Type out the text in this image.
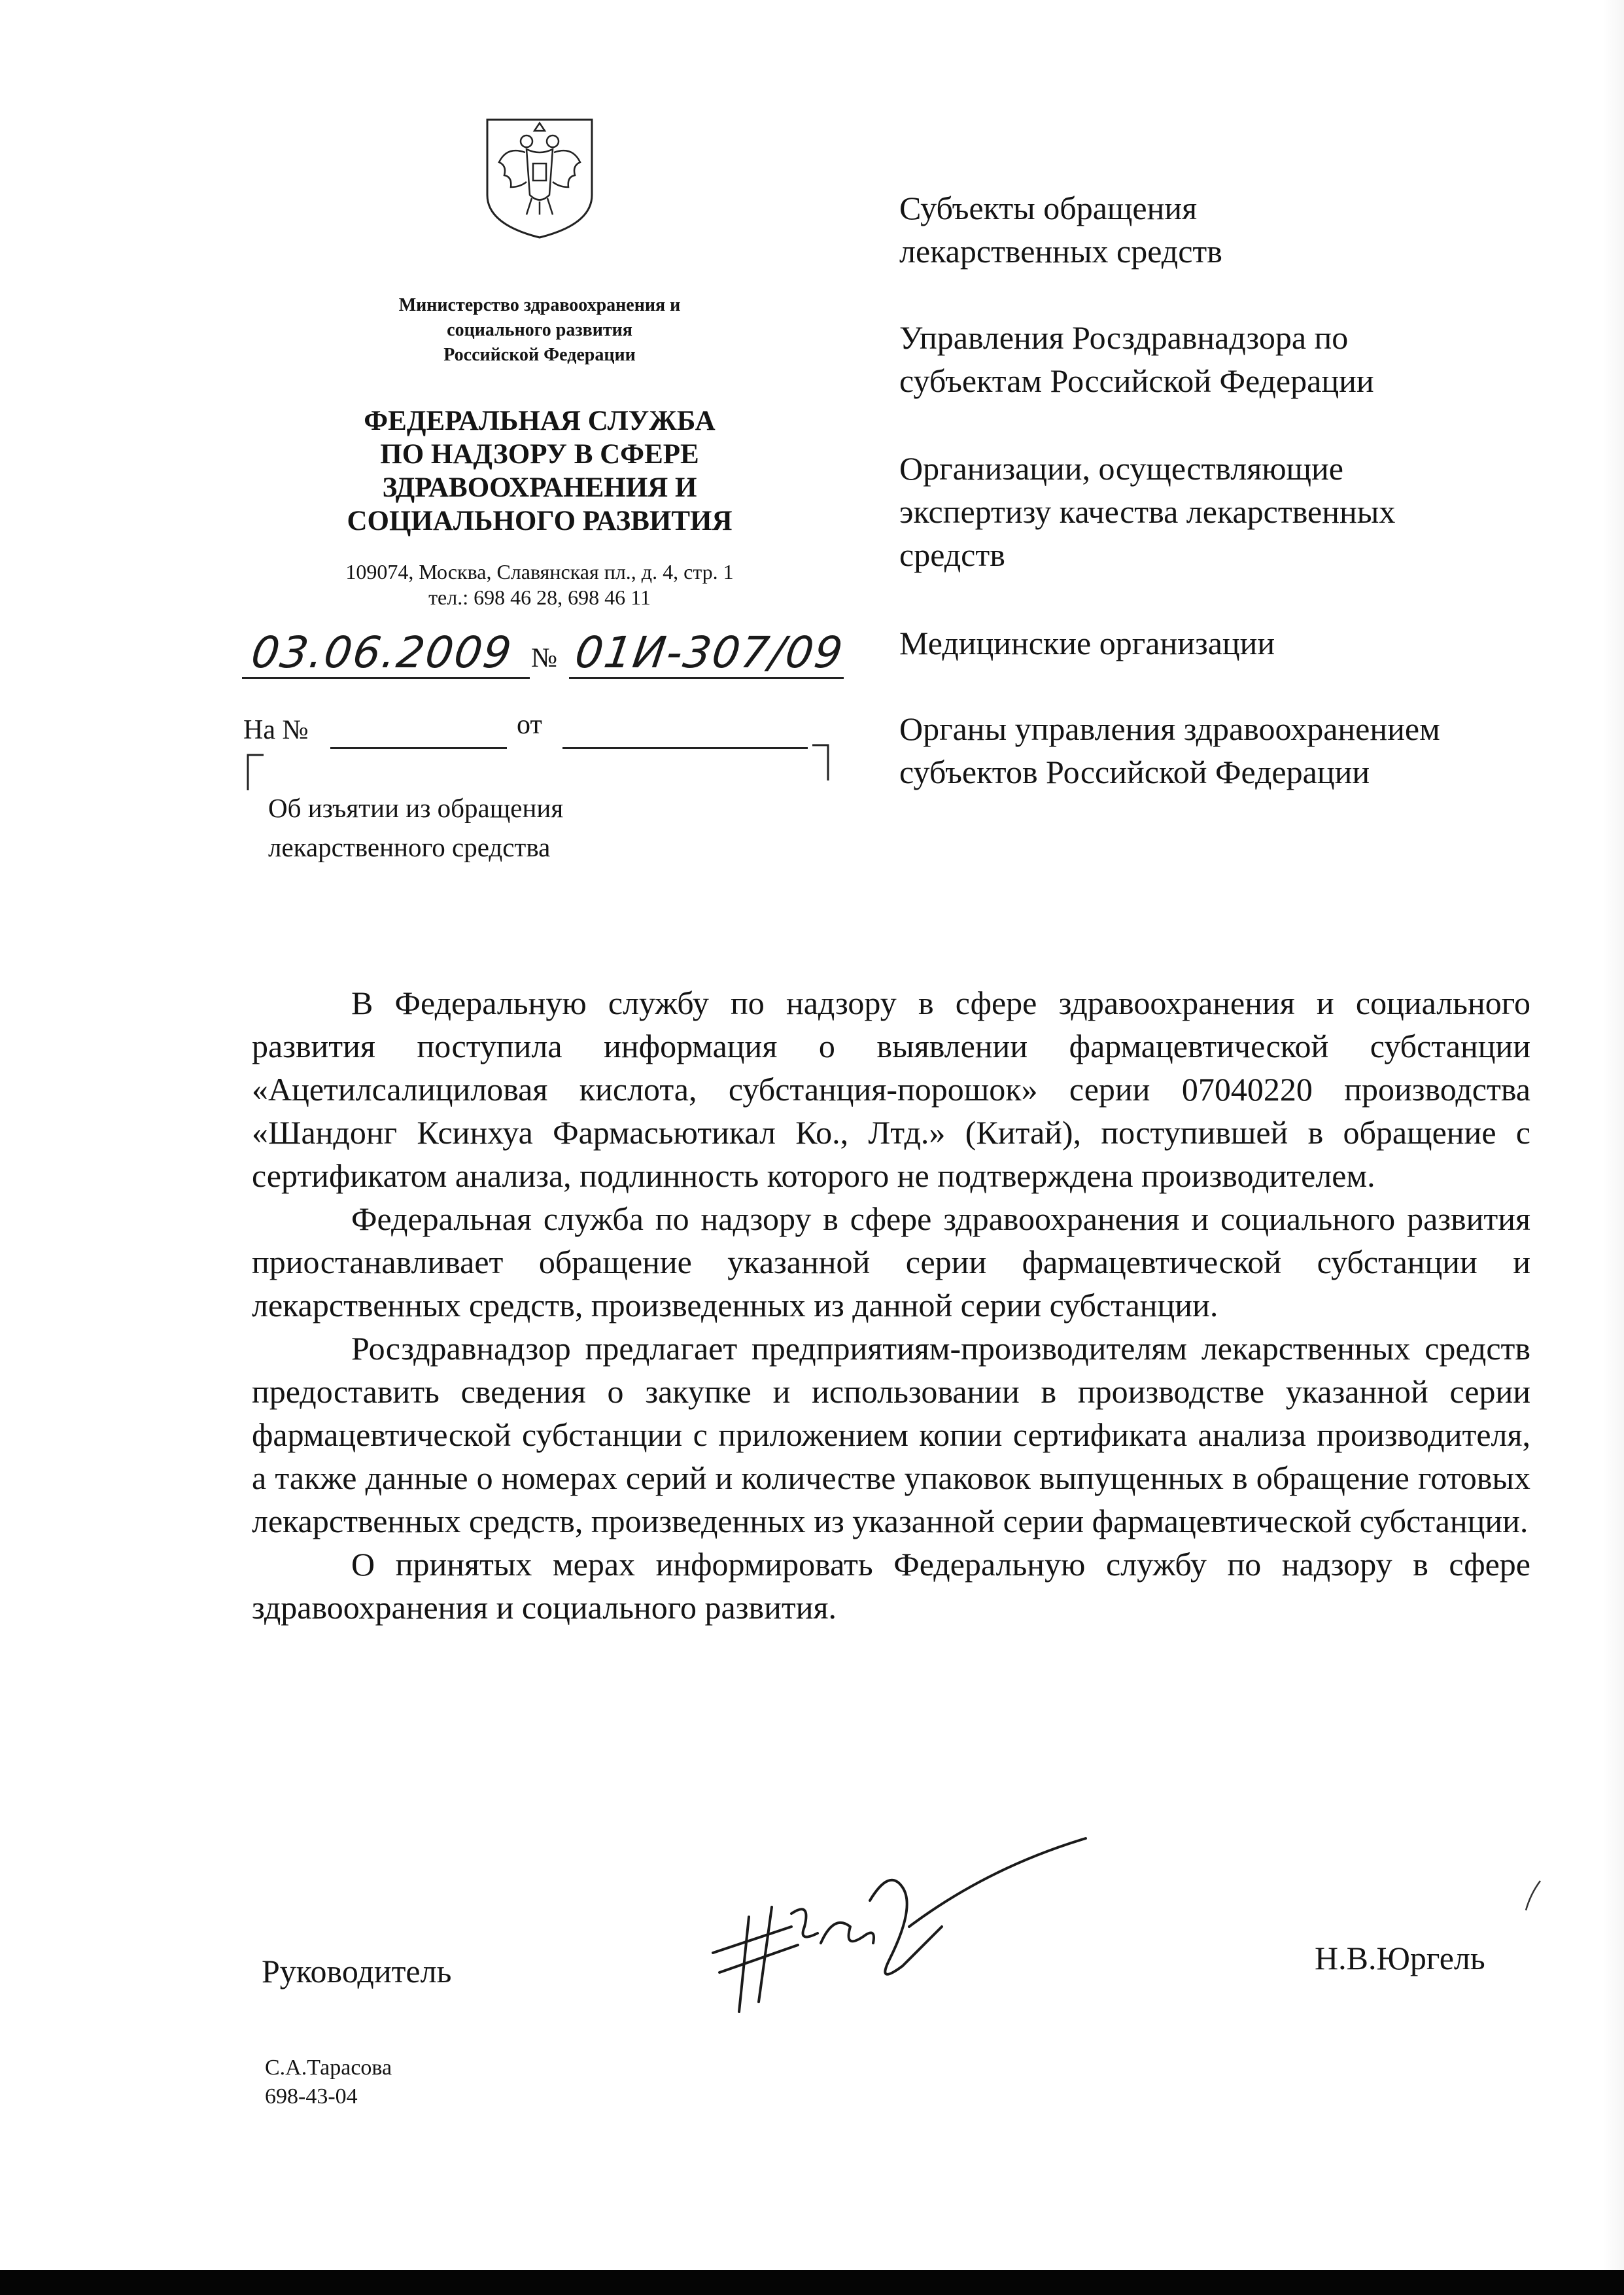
Министерство здравоохранения и
социального развития
Российской Федерации
ФЕДЕРАЛЬНАЯ СЛУЖБА
ПО НАДЗОРУ В СФЕРЕ
ЗДРАВООХРАНЕНИЯ И
СОЦИАЛЬНОГО РАЗВИТИЯ
109074, Москва, Славянская пл., д. 4, стр. 1
тел.: 698 46 28, 698 46 11
03.06.2009 № 01И-307/09
На №	от
Об изъятии из обращения
лекарственного средства
Субъекты обращения
лекарственных средств
Управления Росздравнадзора по
субъектам Российской Федерации
Организации, осуществляющие
экспертизу качества лекарственных
средств
Медицинские организации
Органы управления здравоохранением
субъектов Российской Федерации

В Федеральную службу по надзору в сфере здравоохранения и социального развития поступила информация о выявлении фармацевтической субстанции «Ацетилсалициловая кислота, субстанция-порошок» серии 07040220 производства «Шандонг Ксинхуа Фармасьютикал Ко., Лтд.» (Китай), поступившей в обращение с сертификатом анализа, подлинность которого не подтверждена производителем.

Федеральная служба по надзору в сфере здравоохранения и социального развития приостанавливает обращение указанной серии фармацевтической субстанции и лекарственных средств, произведенных из данной серии субстанции.

Росздравнадзор предлагает предприятиям-производителям лекарственных средств предоставить сведения о закупке и использовании в производстве указанной серии фармацевтической субстанции с приложением копии сертификата анализа производителя, а также данные о номерах серий и количестве упаковок выпущенных в обращение готовых лекарственных средств, произведенных из указанной серии фармацевтической субстанции.

О принятых мерах информировать Федеральную службу по надзору в сфере здравоохранения и социального развития.

Руководитель	Н.В.Юргель
С.А.Тарасова
698-43-04
